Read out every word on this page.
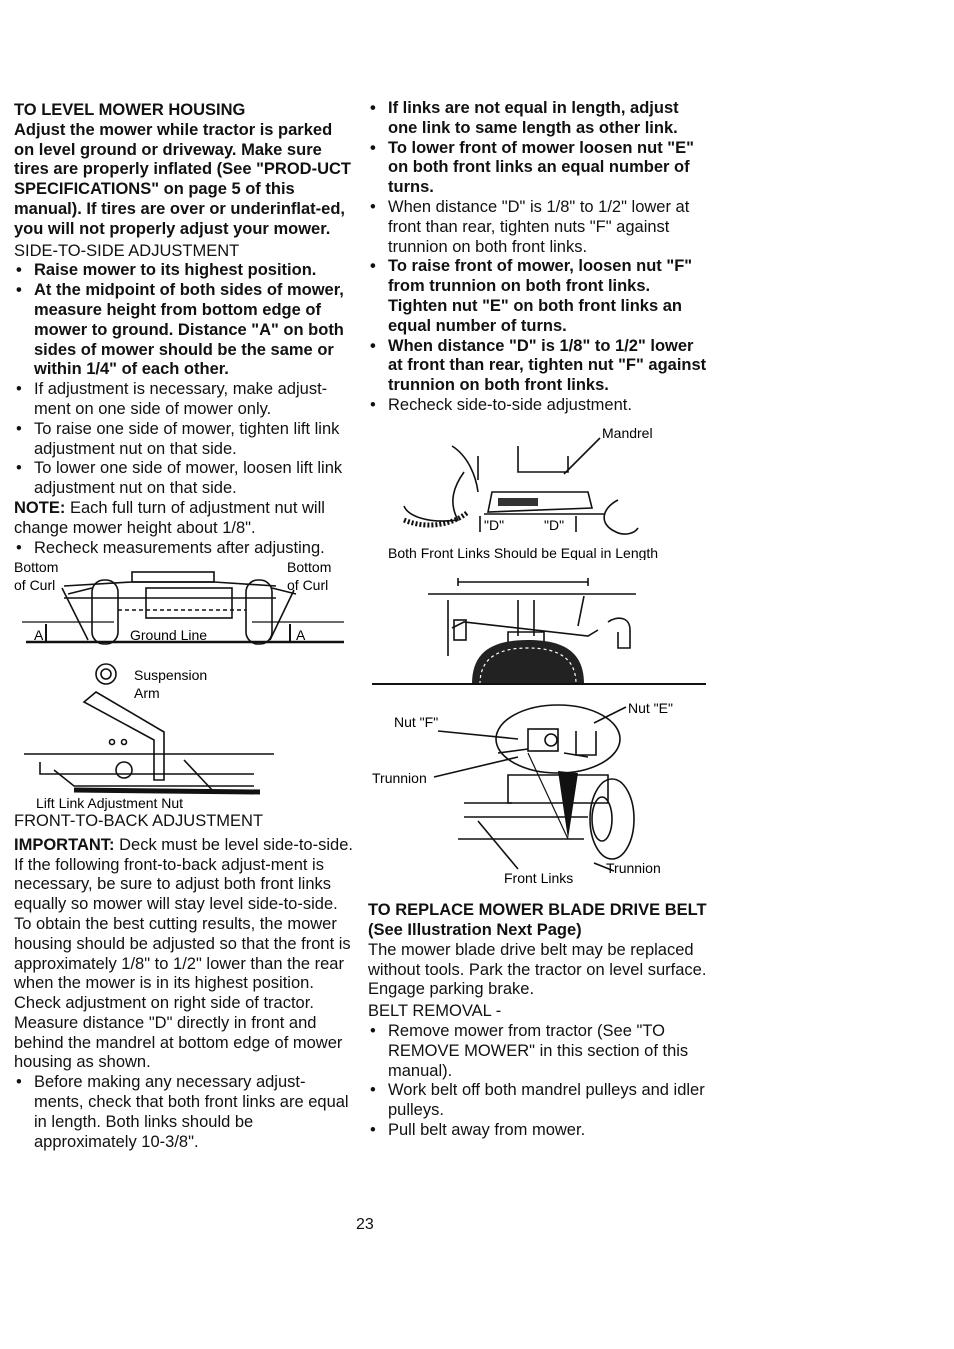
TO LEVEL MOWER HOUSING

Adjust the mower while tractor is parked on level ground or driveway. Make sure tires are properly inflated (See "PROD-UCT SPECIFICATIONS" on page 5 of this manual). If tires are over or underinflat-ed, you will not properly adjust your mower.

SIDE-TO-SIDE ADJUSTMENT

• Raise mower to its highest position.
• At the midpoint of both sides of mower, measure height from bottom edge of mower to ground. Distance "A" on both sides of mower should be the same or within 1/4" of each other.
• If adjustment is necessary, make adjust-ment on one side of mower only.
• To raise one side of mower, tighten lift link adjustment nut on that side.
• To lower one side of mower, loosen lift link adjustment nut on that side.

NOTE: Each full turn of adjustment nut will change mower height about 1/8".

• Recheck measurements after adjusting.
Bottom
of Curl
Bottom
of Curl
A	A
Ground Line
Suspension
Arm
Lift Link Adjustment Nut

FRONT-TO-BACK ADJUSTMENT

IMPORTANT: Deck must be level side-to-side. If the following front-to-back adjust-ment is necessary, be sure to adjust both front links equally so mower will stay level side-to-side.

To obtain the best cutting results, the mower housing should be adjusted so that the front is approximately 1/8" to 1/2" lower than the rear when the mower is in its highest position.

Check adjustment on right side of tractor. Measure distance "D" directly in front and behind the mandrel at bottom edge of mower housing as shown.

• Before making any necessary adjust-ments, check that both front links are equal in length. Both links should be approximately 10-3/8".
• If links are not equal in length, adjust one link to same length as other link.
• To lower front of mower loosen nut "E" on both front links an equal number of turns.
• When distance "D" is 1/8" to 1/2" lower at front than rear, tighten nuts "F" against trunnion on both front links.
• To raise front of mower, loosen nut "F" from trunnion on both front links. Tighten nut "E" on both front links an equal number of turns.
• When distance "D" is 1/8" to 1/2" lower at front than rear, tighten nut "F" against trunnion on both front links.
• Recheck side-to-side adjustment.
Mandrel
"D"	"D"
Both Front Links Should be Equal in Length
Nut "E"
Nut "F"
Trunnion
Front Links
Trunnion

TO REPLACE MOWER BLADE DRIVE BELT (See Illustration Next Page)

The mower blade drive belt may be replaced without tools. Park the tractor on level surface. Engage parking brake.

BELT REMOVAL -

• Remove mower from tractor (See "TO REMOVE MOWER" in this section of this manual).
• Work belt off both mandrel pulleys and idler pulleys.
• Pull belt away from mower.
23
